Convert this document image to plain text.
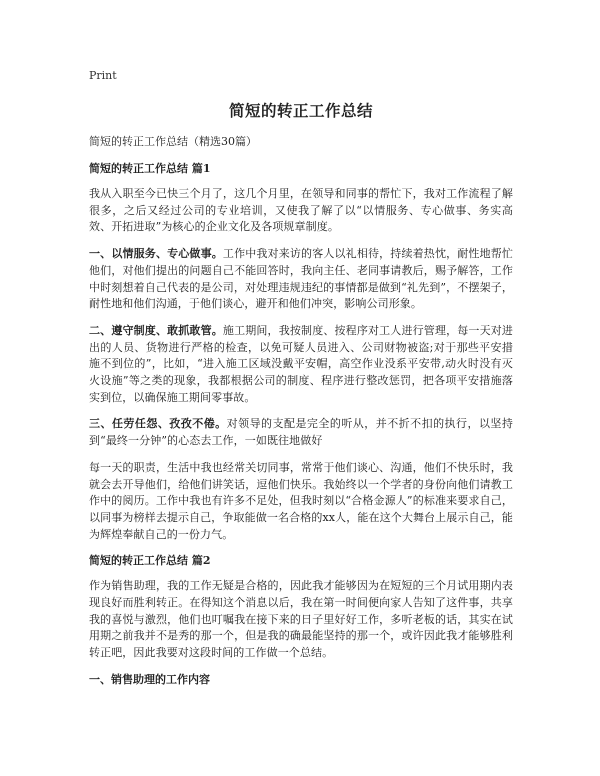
Print
简短的转正工作总结
简短的转正工作总结（精选30篇）
简短的转正工作总结 篇1

我从入职至今已快三个月了，这几个月里，在领导和同事的帮忙下，我对工作流程了解很多，之后又经过公司的专业培训，又使我了解了以“以情服务、专心做事、务实高效、开拓进取”为核心的企业文化及各项规章制度。

一、以情服务、专心做事。工作中我对来访的客人以礼相待，持续着热忱，耐性地帮忙他们，对他们提出的问题自己不能回答时，我向主任、老同事请教后，赐予解答，工作中时刻想着自己代表的是公司，对处理违规违纪的事情都是做到“礼先到”，不摆架子，耐性地和他们沟通，于他们谈心，避开和他们冲突，影响公司形象。

二、遵守制度、敢抓敢管。施工期间，我按制度、按程序对工人进行管理，每一天对进出的人员、货物进行严格的检查，以免可疑人员进入、公司财物被盗;对于那些平安措施不到位的”，比如，“进入施工区域没戴平安帽，高空作业没系平安带,动火时没有灭火设施”等之类的现象，我都根据公司的制度、程序进行整改惩罚，把各项平安措施落实到位，以确保施工期间零事故。

三、任劳任怨、孜孜不倦。对领导的支配是完全的听从，并不折不扣的执行，以坚持到“最终一分钟”的心态去工作，一如既往地做好

每一天的职责，生活中我也经常关切同事，常常于他们谈心、沟通，他们不快乐时，我就会去开导他们，给他们讲笑话，逗他们快乐。我始终以一个学者的身份向他们请教工作中的阅历。工作中我也有许多不足处，但我时刻以“合格金源人”的标准来要求自己，以同事为榜样去提示自己，争取能做一名合格的xx人，能在这个大舞台上展示自己，能为辉煌奉献自己的一份力气。

简短的转正工作总结 篇2

作为销售助理，我的工作无疑是合格的，因此我才能够因为在短短的三个月试用期内表现良好而胜利转正。在得知这个消息以后，我在第一时间便向家人告知了这件事，共享我的喜悦与激烈，他们也叮嘱我在接下来的日子里好好工作，多听老板的话，其实在试用期之前我并不是秀的那一个，但是我的确最能坚持的那一个，或许因此我才能够胜利转正吧，因此我要对这段时间的工作做一个总结。

一、销售助理的工作内容
